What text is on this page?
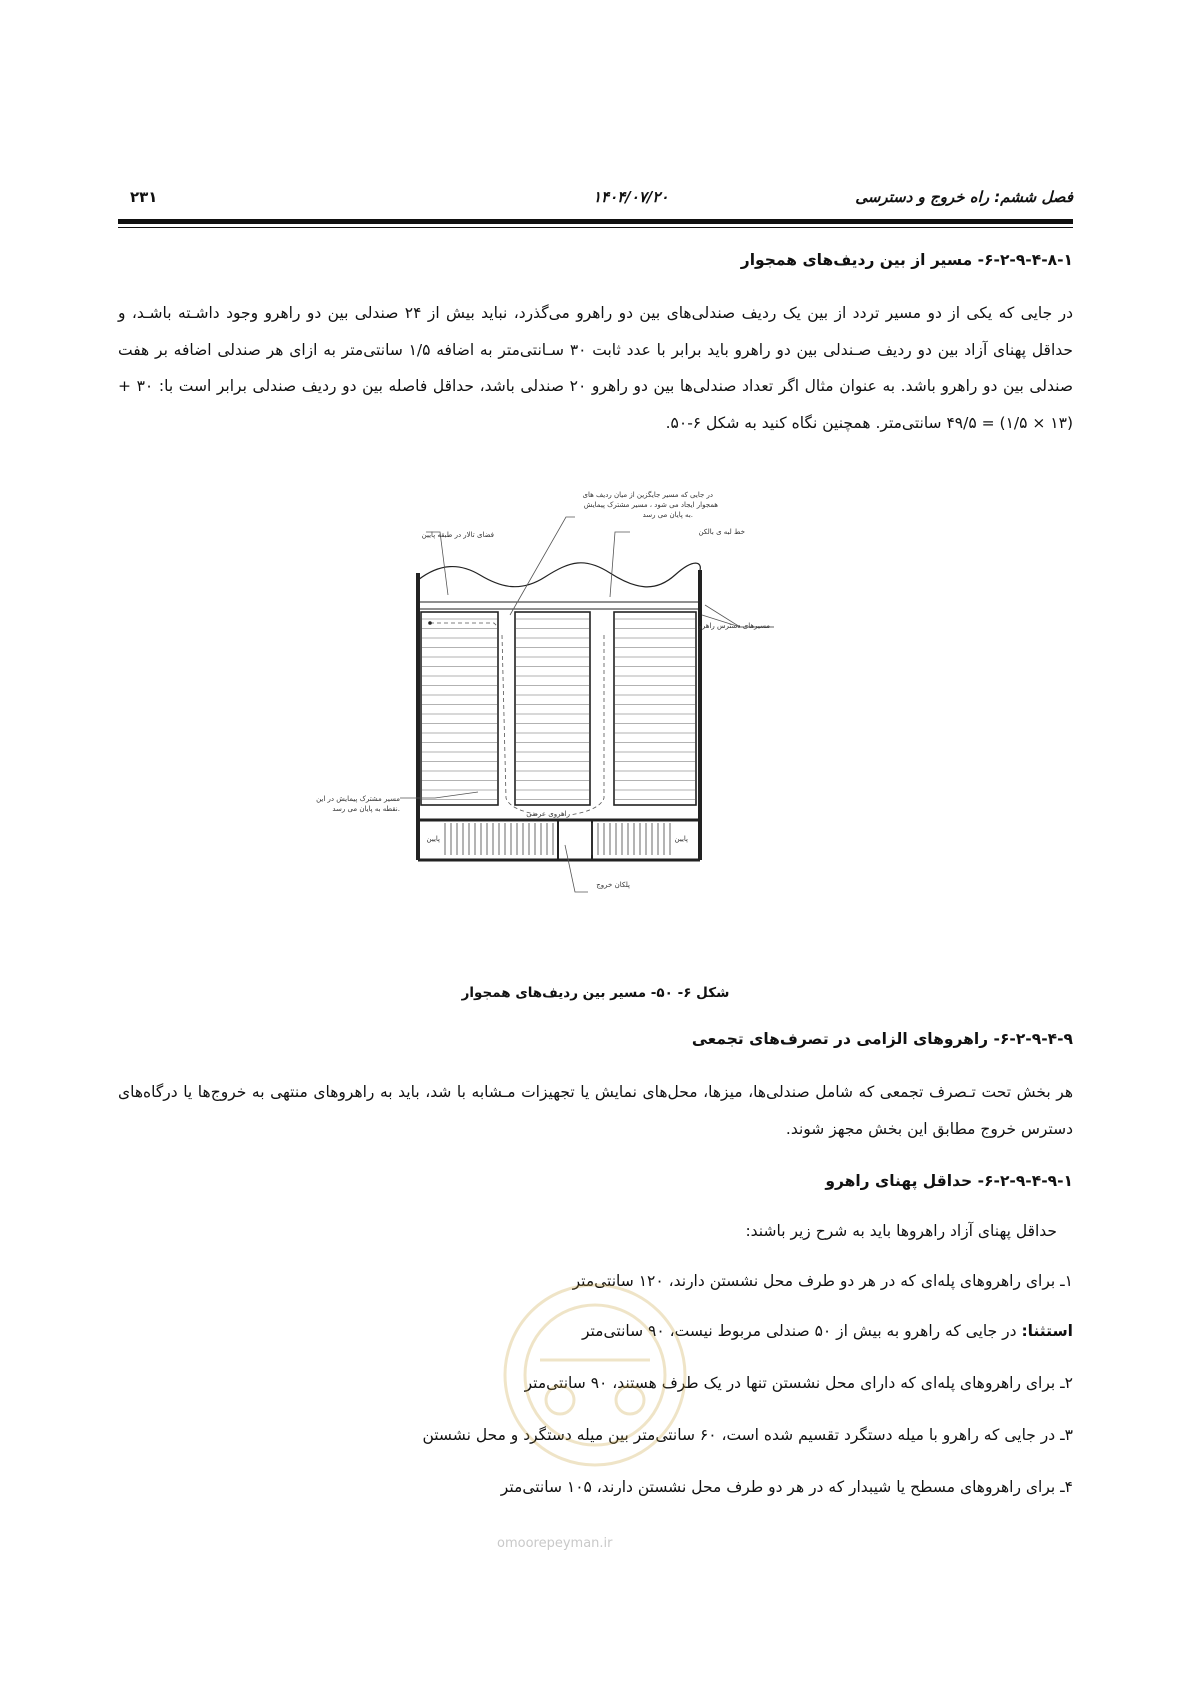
فصل ششم: راه خروج و دسترسی
۱۴۰۴/۰۷/۲۰
۲۳۱
۶-۲-۹-۴-۸-۱- مسیر از بین ردیف‌های همجوار
در جایی که یکی از دو مسیر تردد از بین یک ردیف صندلی‌های بین دو راهرو می‌گذرد، نباید بیش از ۲۴ صندلی بین دو راهرو وجود داشـته باشـد، و حداقل پهنای آزاد بین دو ردیف صـندلی بین دو راهرو باید برابر با عدد ثابت ۳۰ سـانتی‌متر به اضافه ۱/۵ سانتی‌متر به ازای هر صندلی اضافه بر هفت صندلی بین دو راهرو باشد. به عنوان مثال اگر تعداد صندلی‌ها بین دو راهرو ۲۰ صندلی باشد، حداقل فاصله بین دو ردیف صندلی برابر است با: ۳۰ + (۱۳ × ۱/۵) = ۴۹/۵ سانتی‌متر. همچنین نگاه کنید به شکل ۶-۵۰.
فضای تالار در طبقه پایین
در جایی که مسیر جایگزین از میان ردیف های
همجوار ایجاد می شود ، مسیر مشترک پیمایش
به پایان می رسد.
خط لبه ی بالکن
مسیرهای دسترس راهرو
مسیر مشترک پیمایش در این
نقطه به پایان می رسد.
راهروی عرضی
پایین	پایین
پلکان خروج
شکل ۶- ۵۰- مسیر بین ردیف‌های همجوار
۶-۲-۹-۴-۹- راهروهای الزامی در تصرف‌های تجمعی
هر بخش تحت تـصرف تجمعی که شامل صندلی‌ها، میزها، محل‌های نمایش یا تجهیزات مـشابه با شد، باید به راهروهای منتهی به خروج‌ها یا درگاه‌های دسترس خروج مطابق این بخش مجهز شوند.
۶-۲-۹-۴-۹-۱- حداقل پهنای راهرو
حداقل پهنای آزاد راهروها باید به شرح زیر باشند:
۱ـ برای راهروهای پله‌ای که در هر دو طرف محل نشستن دارند، ۱۲۰ سانتی‌متر
استثنا: در جایی که راهرو به بیش از ۵۰ صندلی مربوط نیست، ۹۰ سانتی‌متر
۲ـ برای راهروهای پله‌ای که دارای محل نشستن تنها در یک طرف هستند، ۹۰ سانتی‌متر
۳ـ در جایی که راهرو با میله دستگرد تقسیم شده است، ۶۰ سانتی‌متر بین میله دستگرد و محل نشستن
۴ـ برای راهروهای مسطح یا شیبدار که در هر دو طرف محل نشستن دارند، ۱۰۵ سانتی‌متر
omoorepeyman.ir
